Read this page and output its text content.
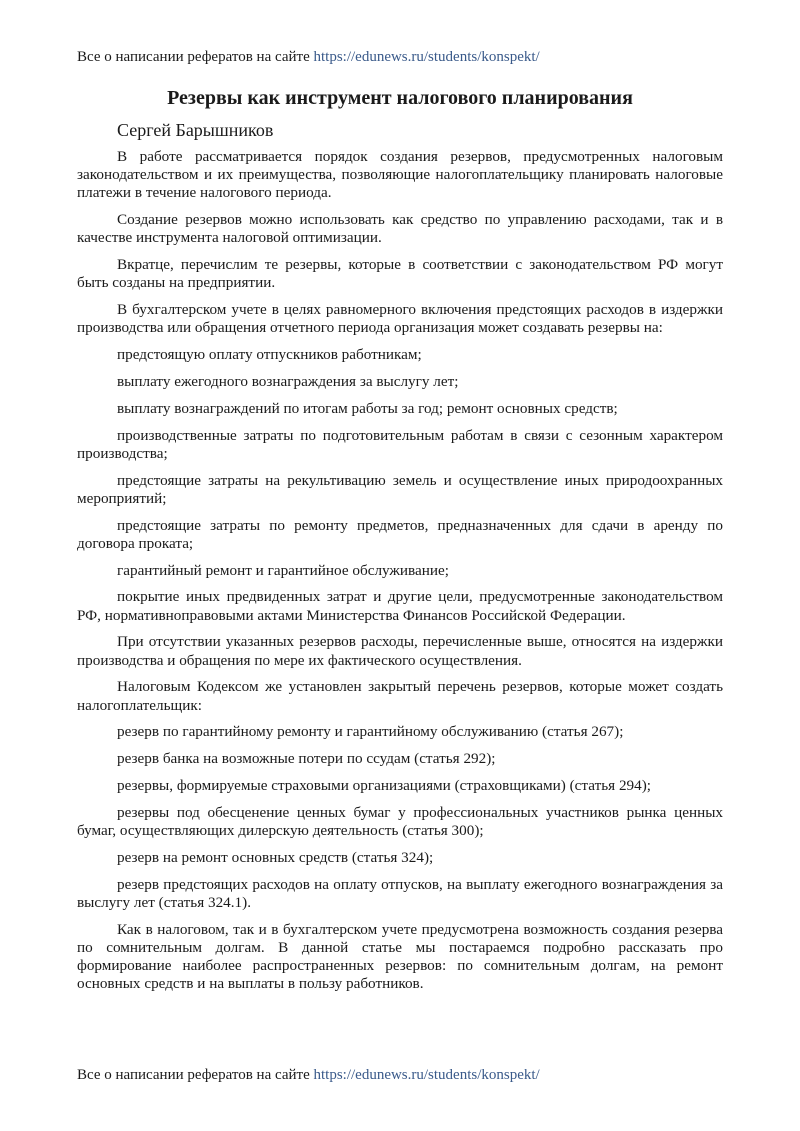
Все о написании рефератов на сайте https://edunews.ru/students/konspekt/
Резервы как инструмент налогового планирования
Сергей Барышников

В работе рассматривается порядок создания резервов, предусмотренных налоговым законодательством и их преимущества, позволяющие налогоплательщику планировать налоговые платежи в течение налогового периода.

Создание резервов можно использовать как средство по управлению расходами, так и в качестве инструмента налоговой оптимизации.

Вкратце, перечислим те резервы, которые в соответствии с законодательством РФ могут быть созданы на предприятии.

В бухгалтерском учете в целях равномерного включения предстоящих расходов в издержки производства или обращения отчетного периода организация может создавать резервы на:

предстоящую оплату отпускников работникам;

выплату ежегодного вознаграждения за выслугу лет;

выплату вознаграждений по итогам работы за год; ремонт основных средств;

производственные затраты по подготовительным работам в связи с сезонным характером производства;

предстоящие затраты на рекультивацию земель и осуществление иных природоохранных мероприятий;

предстоящие затраты по ремонту предметов, предназначенных для сдачи в аренду по договора проката;

гарантийный ремонт и гарантийное обслуживание;

покрытие иных предвиденных затрат и другие цели, предусмотренные законодательством РФ, нормативноправовыми актами Министерства Финансов Российской Федерации.

При отсутствии указанных резервов расходы, перечисленные выше, относятся на издержки производства и обращения по мере их фактического осуществления.

Налоговым Кодексом же установлен закрытый перечень резервов, которые может создать налогоплательщик:

резерв по гарантийному ремонту и гарантийному обслуживанию (статья 267);

резерв банка на возможные потери по ссудам (статья 292);

резервы, формируемые страховыми организациями (страховщиками) (статья 294);

резервы под обесценение ценных бумаг у профессиональных участников рынка ценных бумаг, осуществляющих дилерскую деятельность (статья 300);

резерв на ремонт основных средств (статья 324);

резерв предстоящих расходов на оплату отпусков, на выплату ежегодного вознаграждения за выслугу лет (статья 324.1).

Как в налоговом, так и в бухгалтерском учете предусмотрена возможность создания резерва по сомнительным долгам. В данной статье мы постараемся подробно рассказать про формирование наиболее распространенных резервов: по сомнительным долгам, на ремонт основных средств и на выплаты в пользу работников.

Все о написании рефератов на сайте https://edunews.ru/students/konspekt/
